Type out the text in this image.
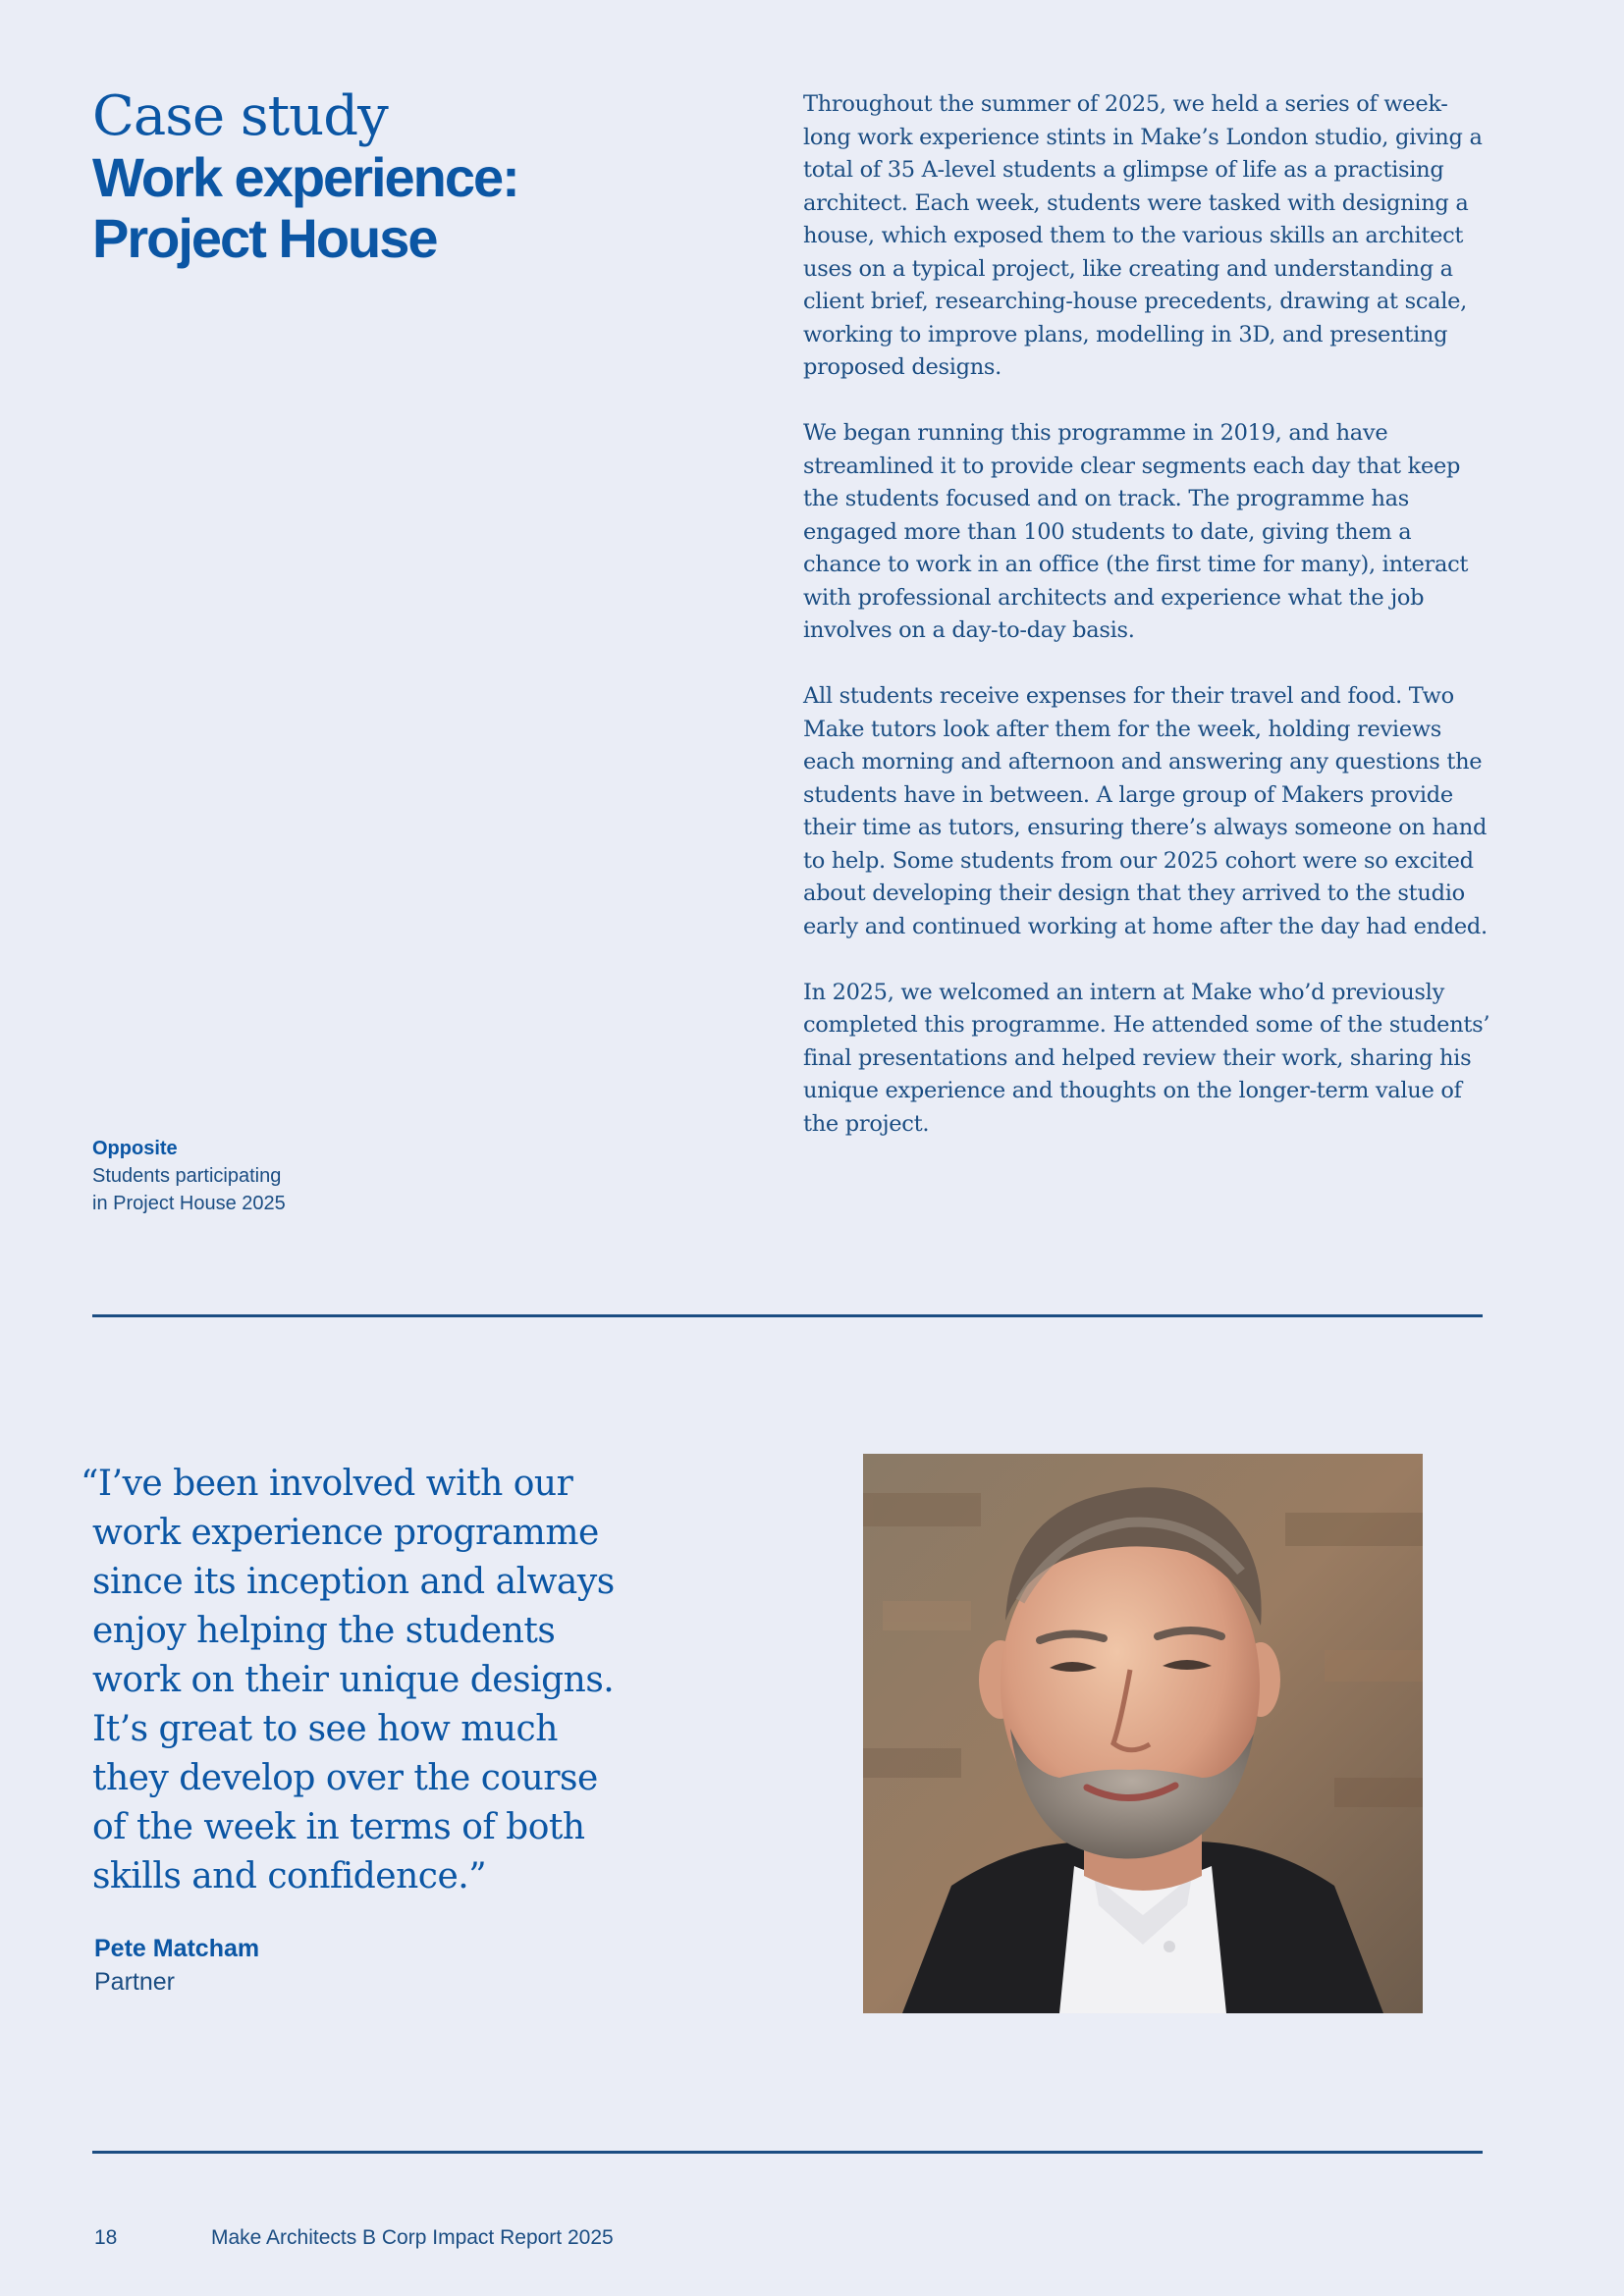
Case study
Work experience:
Project House

Throughout the summer of 2025, we held a series of week-long work experience stints in Make’s London studio, giving a total of 35 A-level students a glimpse of life as a practising architect. Each week, students were tasked with designing a house, which exposed them to the various skills an architect uses on a typical project, like creating and understanding a client brief, researching-house precedents, drawing at scale, working to improve plans, modelling in 3D, and presenting proposed designs.

We began running this programme in 2019, and have streamlined it to provide clear segments each day that keep the students focused and on track. The programme has engaged more than 100 students to date, giving them a chance to work in an office (the first time for many), interact with professional architects and experience what the job involves on a day-to-day basis.

All students receive expenses for their travel and food. Two Make tutors look after them for the week, holding reviews each morning and afternoon and answering any questions the students have in between. A large group of Makers provide their time as tutors, ensuring there’s always someone on hand to help. Some students from our 2025 cohort were so excited about developing their design that they arrived to the studio early and continued working at home after the day had ended.

In 2025, we welcomed an intern at Make who’d previously completed this programme. He attended some of the students’ final presentations and helped review their work, sharing his unique experience and thoughts on the longer-term value of the project.

Opposite
Students participating
in Project House 2025
“I’ve been involved with our
work experience programme
since its inception and always
enjoy helping the students
work on their unique designs.
It’s great to see how much
they develop over the course
of the week in terms of both
skills and confidence.”
Pete Matcham
Partner
18	Make Architects B Corp Impact Report 2025
